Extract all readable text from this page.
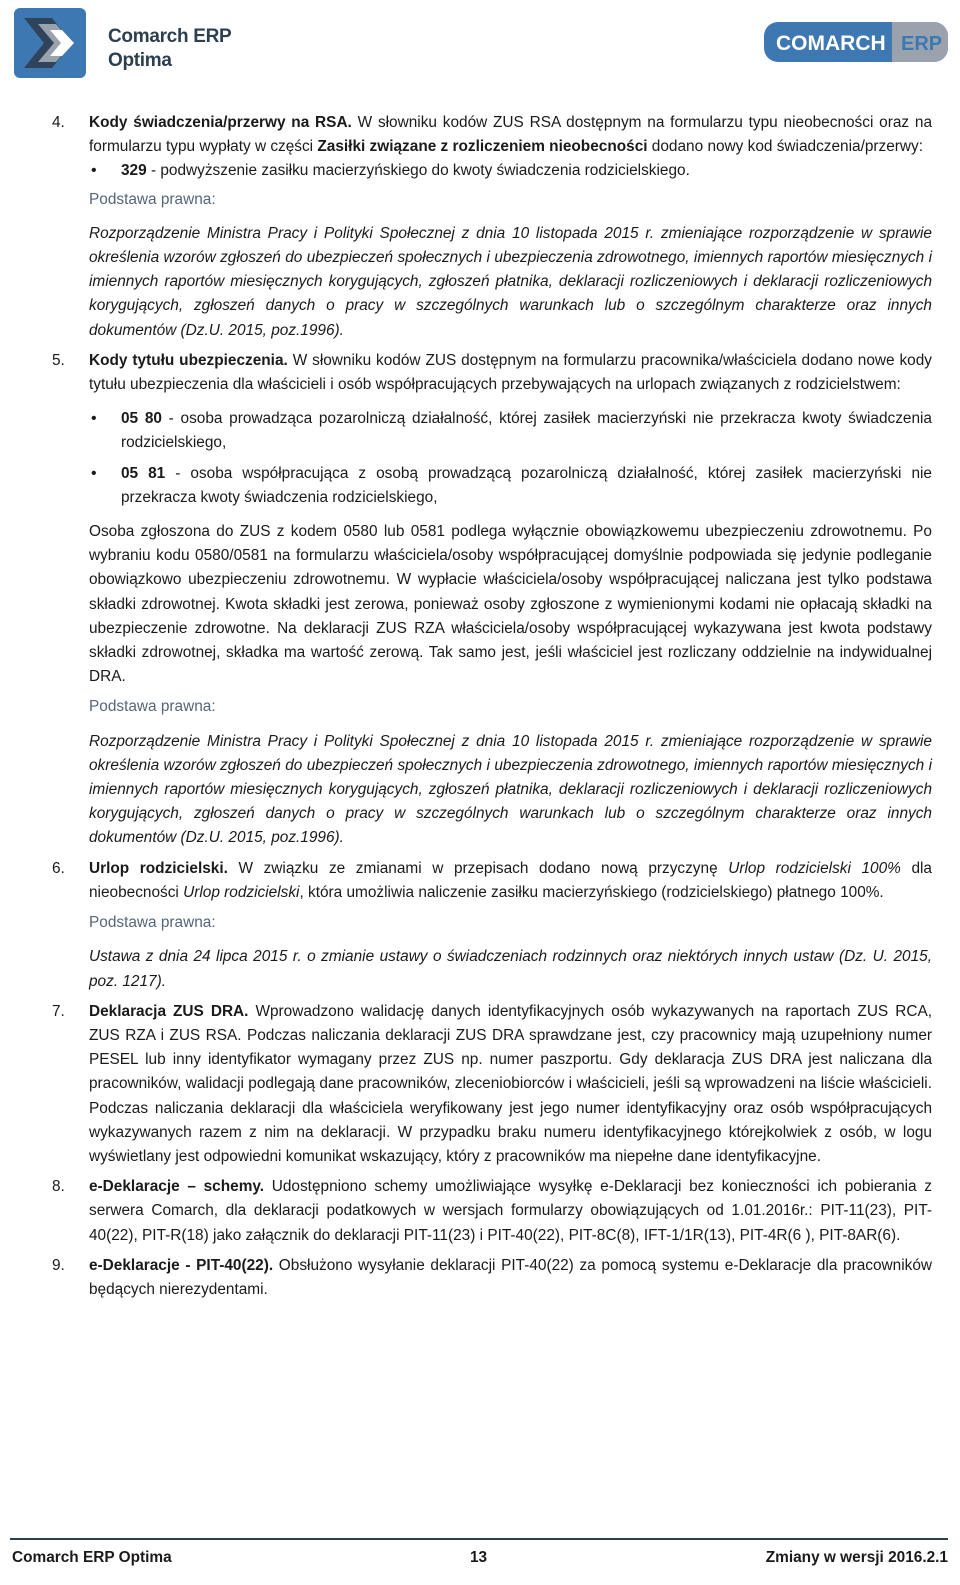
Comarch ERP
Optima
COMARCH ERP
4. Kody świadczenia/przerwy na RSA. W słowniku kodów ZUS RSA dostępnym na formularzu typu nieobecności oraz na formularzu typu wypłaty w części Zasiłki związane z rozliczeniem nieobecności dodano nowy kod świadczenia/przerwy:

• 329 - podwyższenie zasiłku macierzyńskiego do kwoty świadczenia rodzicielskiego.

Podstawa prawna:

Rozporządzenie Ministra Pracy i Polityki Społecznej z dnia 10 listopada 2015 r. zmieniające rozporządzenie w sprawie określenia wzorów zgłoszeń do ubezpieczeń społecznych i ubezpieczenia zdrowotnego, imiennych raportów miesięcznych i imiennych raportów miesięcznych korygujących, zgłoszeń płatnika, deklaracji rozliczeniowych i deklaracji rozliczeniowych korygujących, zgłoszeń danych o pracy w szczególnych warunkach lub o szczególnym charakterze oraz innych dokumentów (Dz.U. 2015, poz.1996).

5. Kody tytułu ubezpieczenia. W słowniku kodów ZUS dostępnym na formularzu pracownika/właściciela dodano nowe kody tytułu ubezpieczenia dla właścicieli i osób współpracujących przebywających na urlopach związanych z rodzicielstwem:

• 05 80 - osoba prowadząca pozarolniczą działalność, której zasiłek macierzyński nie przekracza kwoty świadczenia rodzicielskiego,
• 05 81 - osoba współpracująca z osobą prowadzącą pozarolniczą działalność, której zasiłek macierzyński nie przekracza kwoty świadczenia rodzicielskiego,

Osoba zgłoszona do ZUS z kodem 0580 lub 0581 podlega wyłącznie obowiązkowemu ubezpieczeniu zdrowotnemu. Po wybraniu kodu 0580/0581 na formularzu właściciela/osoby współpracującej domyślnie podpowiada się jedynie podleganie obowiązkowo ubezpieczeniu zdrowotnemu. W wypłacie właściciela/osoby współpracującej naliczana jest tylko podstawa składki zdrowotnej. Kwota składki jest zerowa, ponieważ osoby zgłoszone z wymienionymi kodami nie opłacają składki na ubezpieczenie zdrowotne. Na deklaracji ZUS RZA właściciela/osoby współpracującej wykazywana jest kwota podstawy składki zdrowotnej, składka ma wartość zerową. Tak samo jest, jeśli właściciel jest rozliczany oddzielnie na indywidualnej DRA.

Podstawa prawna:

Rozporządzenie Ministra Pracy i Polityki Społecznej z dnia 10 listopada 2015 r. zmieniające rozporządzenie w sprawie określenia wzorów zgłoszeń do ubezpieczeń społecznych i ubezpieczenia zdrowotnego, imiennych raportów miesięcznych i imiennych raportów miesięcznych korygujących, zgłoszeń płatnika, deklaracji rozliczeniowych i deklaracji rozliczeniowych korygujących, zgłoszeń danych o pracy w szczególnych warunkach lub o szczególnym charakterze oraz innych dokumentów (Dz.U. 2015, poz.1996).

6. Urlop rodzicielski. W związku ze zmianami w przepisach dodano nową przyczynę Urlop rodzicielski 100% dla nieobecności Urlop rodzicielski, która umożliwia naliczenie zasiłku macierzyńskiego (rodzicielskiego) płatnego 100%.

Podstawa prawna:

Ustawa z dnia 24 lipca 2015 r. o zmianie ustawy o świadczeniach rodzinnych oraz niektórych innych ustaw (Dz. U. 2015, poz. 1217).

7. Deklaracja ZUS DRA. Wprowadzono walidację danych identyfikacyjnych osób wykazywanych na raportach ZUS RCA, ZUS RZA i ZUS RSA. Podczas naliczania deklaracji ZUS DRA sprawdzane jest, czy pracownicy mają uzupełniony numer PESEL lub inny identyfikator wymagany przez ZUS np. numer paszportu. Gdy deklaracja ZUS DRA jest naliczana dla pracowników, walidacji podlegają dane pracowników, zleceniobiorców i właścicieli, jeśli są wprowadzeni na liście właścicieli. Podczas naliczania deklaracji dla właściciela weryfikowany jest jego numer identyfikacyjny oraz osób współpracujących wykazywanych razem z nim na deklaracji. W przypadku braku numeru identyfikacyjnego którejkolwiek z osób, w logu wyświetlany jest odpowiedni komunikat wskazujący, który z pracowników ma niepełne dane identyfikacyjne.

8. e-Deklaracje – schemy. Udostępniono schemy umożliwiające wysyłkę e-Deklaracji bez konieczności ich pobierania z serwera Comarch, dla deklaracji podatkowych w wersjach formularzy obowiązujących od 1.01.2016r.: PIT-11(23), PIT-40(22), PIT-R(18) jako załącznik do deklaracji PIT-11(23) i PIT-40(22), PIT-8C(8), IFT-1/1R(13), PIT-4R(6 ), PIT-8AR(6).

9. e-Deklaracje - PIT-40(22). Obsłużono wysyłanie deklaracji PIT-40(22) za pomocą systemu e-Deklaracje dla pracowników będących nierezydentami.

Comarch ERP Optima	13	Zmiany w wersji 2016.2.1
